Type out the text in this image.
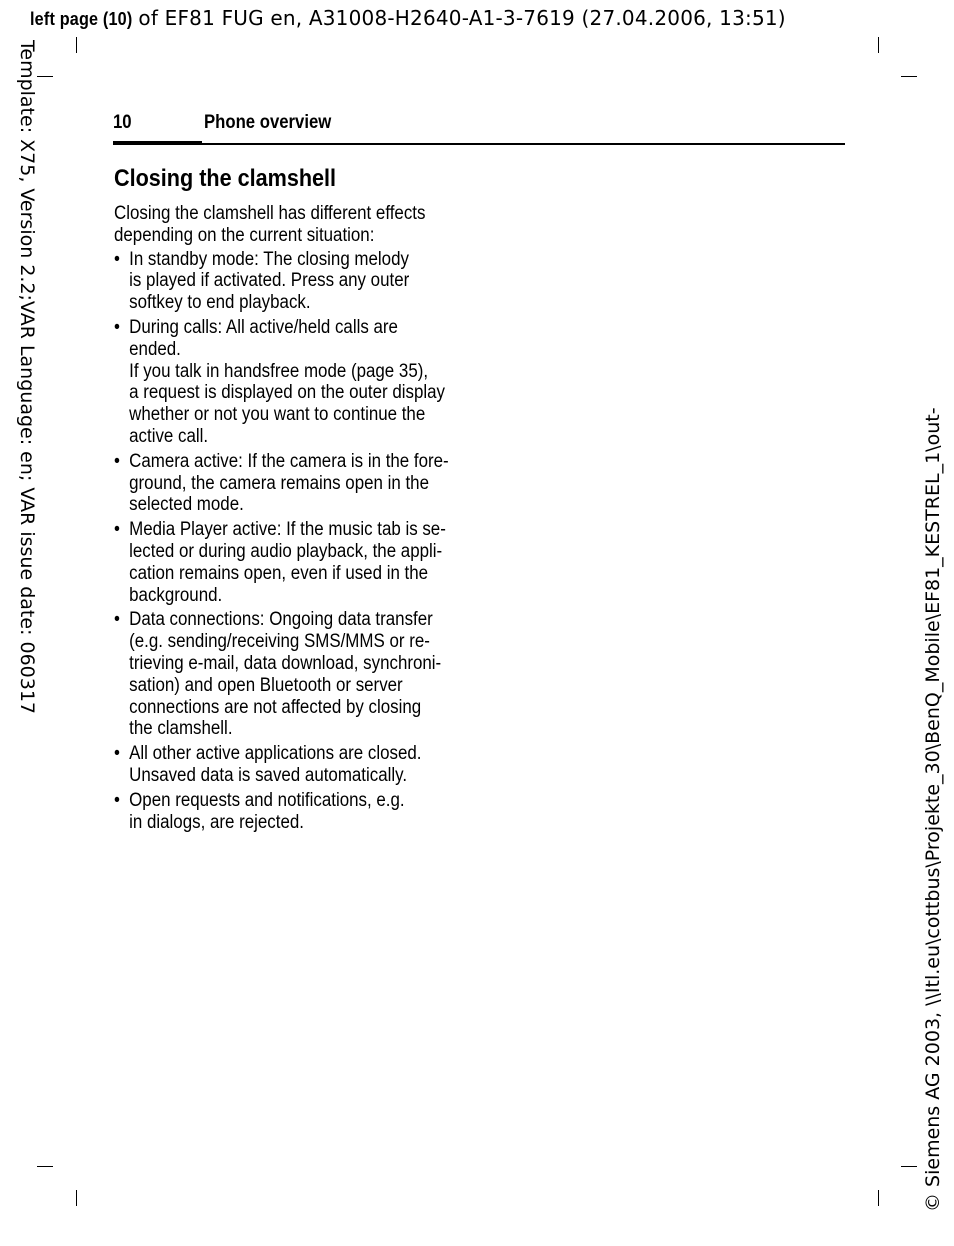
left page (10) of EF81 FUG en, A31008-H2640-A1-3-7619 (27.04.2006, 13:51)
Template: X75, Version 2.2;VAR Language: en; VAR issue date: 060317
© Siemens AG 2003, \\Itl.eu\cottbus\Projekte_30\BenQ_Mobile\EF81_KESTREL_1\out-
10	Phone overview
Closing the clamshell
Closing the clamshell has different effects
depending on the current situation:
• In standby mode: The closing melody
is played if activated. Press any outer
softkey to end playback.
• During calls: All active/held calls are
ended.
If you talk in handsfree mode (page 35),
a request is displayed on the outer display
whether or not you want to continue the
active call.
• Camera active: If the camera is in the fore-
ground, the camera remains open in the
selected mode.
• Media Player active: If the music tab is se-
lected or during audio playback, the appli-
cation remains open, even if used in the
background.
• Data connections: Ongoing data transfer
(e.g. sending/receiving SMS/MMS or re-
trieving e-mail, data download, synchroni-
sation) and open Bluetooth or server
connections are not affected by closing
the clamshell.
• All other active applications are closed.
Unsaved data is saved automatically.
• Open requests and notifications, e.g.
in dialogs, are rejected.
